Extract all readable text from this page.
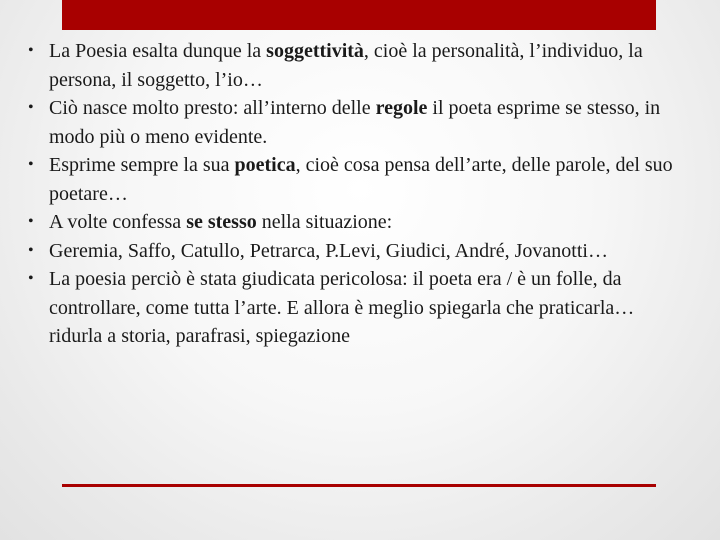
• La Poesia esalta dunque la soggettività, cioè la personalità, l’individuo, la persona, il soggetto, l’io…
• Ciò nasce molto presto: all’interno delle regole il poeta esprime se stesso, in modo più o meno evidente.
• Esprime sempre la sua poetica, cioè cosa pensa dell’arte, delle parole, del suo poetare…
• A volte confessa se stesso nella situazione:
• Geremia, Saffo, Catullo, Petrarca, P.Levi, Giudici, André, Jovanotti…
• La poesia perciò è stata giudicata pericolosa: il poeta era / è un folle, da controllare, come tutta l’arte. E allora è meglio spiegarla che praticarla… ridurla a storia, parafrasi, spiegazione
